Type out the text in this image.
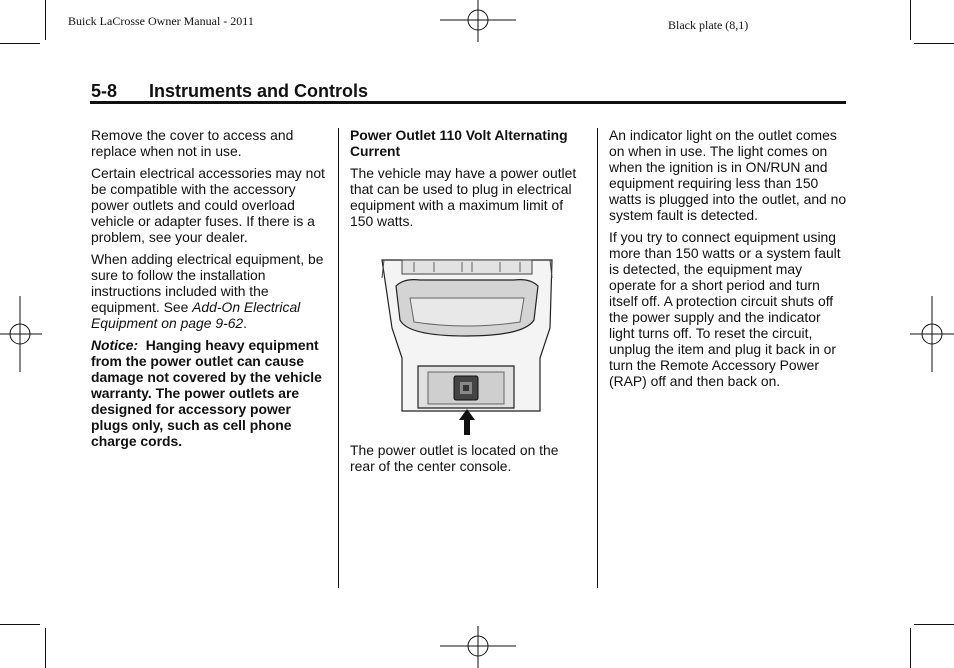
Buick LaCrosse Owner Manual - 2011	Black plate (8,1)
5-8 Instruments and Controls

Remove the cover to access and replace when not in use.

Certain electrical accessories may not be compatible with the accessory power outlets and could overload vehicle or adapter fuses. If there is a problem, see your dealer.

When adding electrical equipment, be sure to follow the installation instructions included with the equipment. See Add-On Electrical Equipment on page 9-62.

Notice: Hanging heavy equipment from the power outlet can cause damage not covered by the vehicle warranty. The power outlets are designed for accessory power plugs only, such as cell phone charge cords.

Power Outlet 110 Volt Alternating Current

The vehicle may have a power outlet that can be used to plug in electrical equipment with a maximum limit of 150 watts.

The power outlet is located on the rear of the center console.

An indicator light on the outlet comes on when in use. The light comes on when the ignition is in ON/RUN and equipment requiring less than 150 watts is plugged into the outlet, and no system fault is detected.

If you try to connect equipment using more than 150 watts or a system fault is detected, the equipment may operate for a short period and turn itself off. A protection circuit shuts off the power supply and the indicator light turns off. To reset the circuit, unplug the item and plug it back in or turn the Remote Accessory Power (RAP) off and then back on.
